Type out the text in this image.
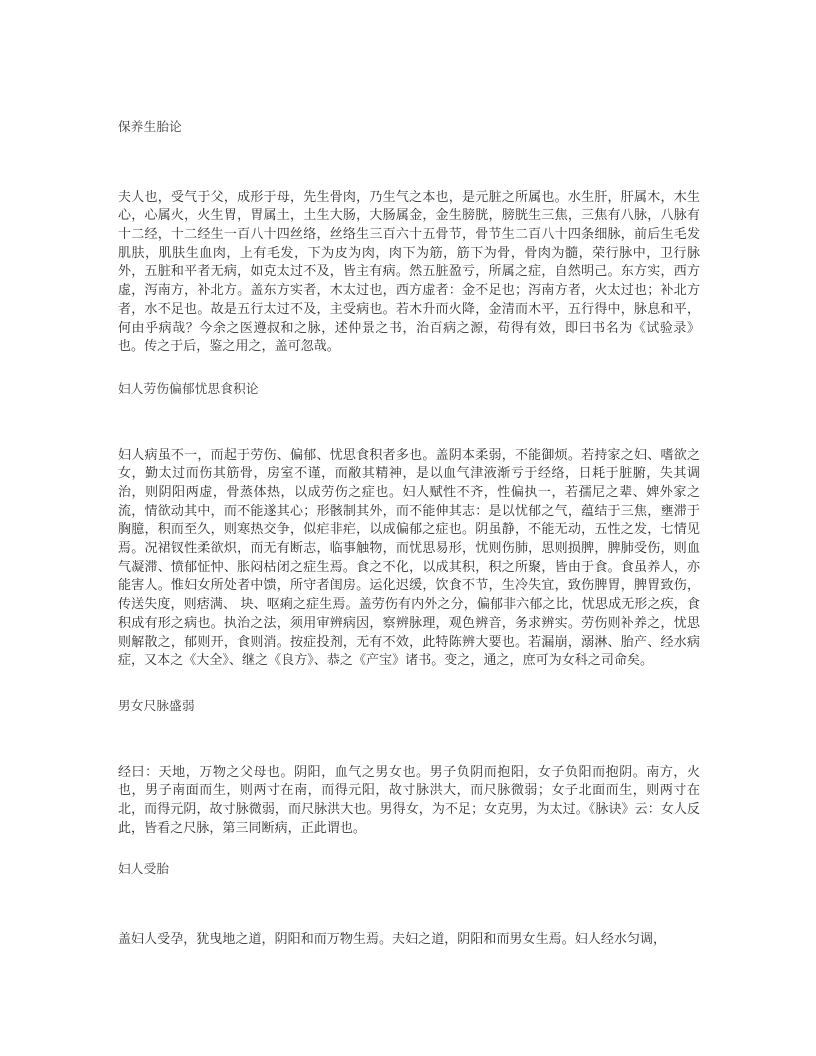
保养生胎论

夫人也，受气于父，成形于母，先生骨肉，乃生气之本也，是元脏之所属也。水生肝，肝属木，木生心，心属火，火生胃，胃属土，土生大肠，大肠属金，金生膀胱，膀胱生三焦，三焦有八脉，八脉有十二经，十二经生一百八十四丝络，丝络生三百六十五骨节，骨节生二百八十四条细脉，前后生毛发肌肤，肌肤生血肉，上有毛发，下为皮为肉，肉下为筋，筋下为骨，骨肉为髓，荣行脉中，卫行脉外，五脏和平者无病，如克太过不及，皆主有病。然五脏盈亏，所属之症，自然明己。东方实，西方虚，泻南方，补北方。盖东方实者，木太过也，西方虚者：金不足也；泻南方者，火太过也；补北方者，水不足也。故是五行太过不及，主受病也。若木升而火降，金清而木平，五行得中，脉息和平，何由乎病哉？今余之医遵叔和之脉，述仲景之书，治百病之源，苟得有效，即曰书名为《试验录》也。传之于后，鉴之用之，盖可忽哉。

妇人劳伤偏郁忧思食积论

妇人病虽不一，而起于劳伤、偏郁、忧思食积者多也。盖阴本柔弱，不能御烦。若持家之妇、嗜欲之女，勤太过而伤其筋骨，房室不谨，而敝其精神，是以血气津液渐亏于经络，日耗于脏腑，失其调治，则阴阳两虚，骨蒸体热，以成劳伤之症也。妇人赋性不齐，性偏执一，若孺尼之辈、婢外家之流，情欲动其中，而不能遂其心；形骸制其外，而不能伸其志：是以忧郁之气，蕴结于三焦，壅滞于胸臆，积而至久，则寒热交争，似疟非疟，以成偏郁之症也。阴虽静，不能无动，五性之发，七情见焉。况裙钗性柔欲炽，而无有断志，临事触物，而忧思易形，忧则伤肺，思则损脾，脾肺受伤，则血气凝滞、愤郁怔忡、胀闷枯闭之症生焉。食之不化，以成其积，积之所聚，皆由于食。食虽养人，亦能害人。惟妇女所处者中馈，所守者闺房。运化迟缓，饮食不节，生冷失宜，致伤脾胃，脾胃致伤，传送失度，则痞满、 块、呕痢之症生焉。盖劳伤有内外之分，偏郁非六郁之比，忧思成无形之疾，食积成有形之病也。执治之法，须用审辨病因，察辨脉理，观色辨音，务求辨实。劳伤则补养之，忧思则解散之，郁则开，食则消。按症投剂，无有不效，此特陈辨大要也。若漏崩，溺淋、胎产、经水病症，又本之《大全》、继之《良方》、恭之《产宝》诸书。变之，通之，庶可为女科之司命矣。

男女尺脉盛弱

经曰：天地，万物之父母也。阴阳，血气之男女也。男子负阴而抱阳，女子负阳而抱阴。南方，火也，男子南面而生，则两寸在南，而得元阳，故寸脉洪大，而尺脉微弱；女子北面而生，则两寸在北，而得元阴，故寸脉微弱，而尺脉洪大也。男得女，为不足；女克男，为太过。《脉诀》云：女人反此，皆看之尺脉，第三同断病，正此谓也。

妇人受胎

盖妇人受孕，犹曳地之道，阴阳和而万物生焉。夫妇之道，阴阳和而男女生焉。妇人经水匀调，
